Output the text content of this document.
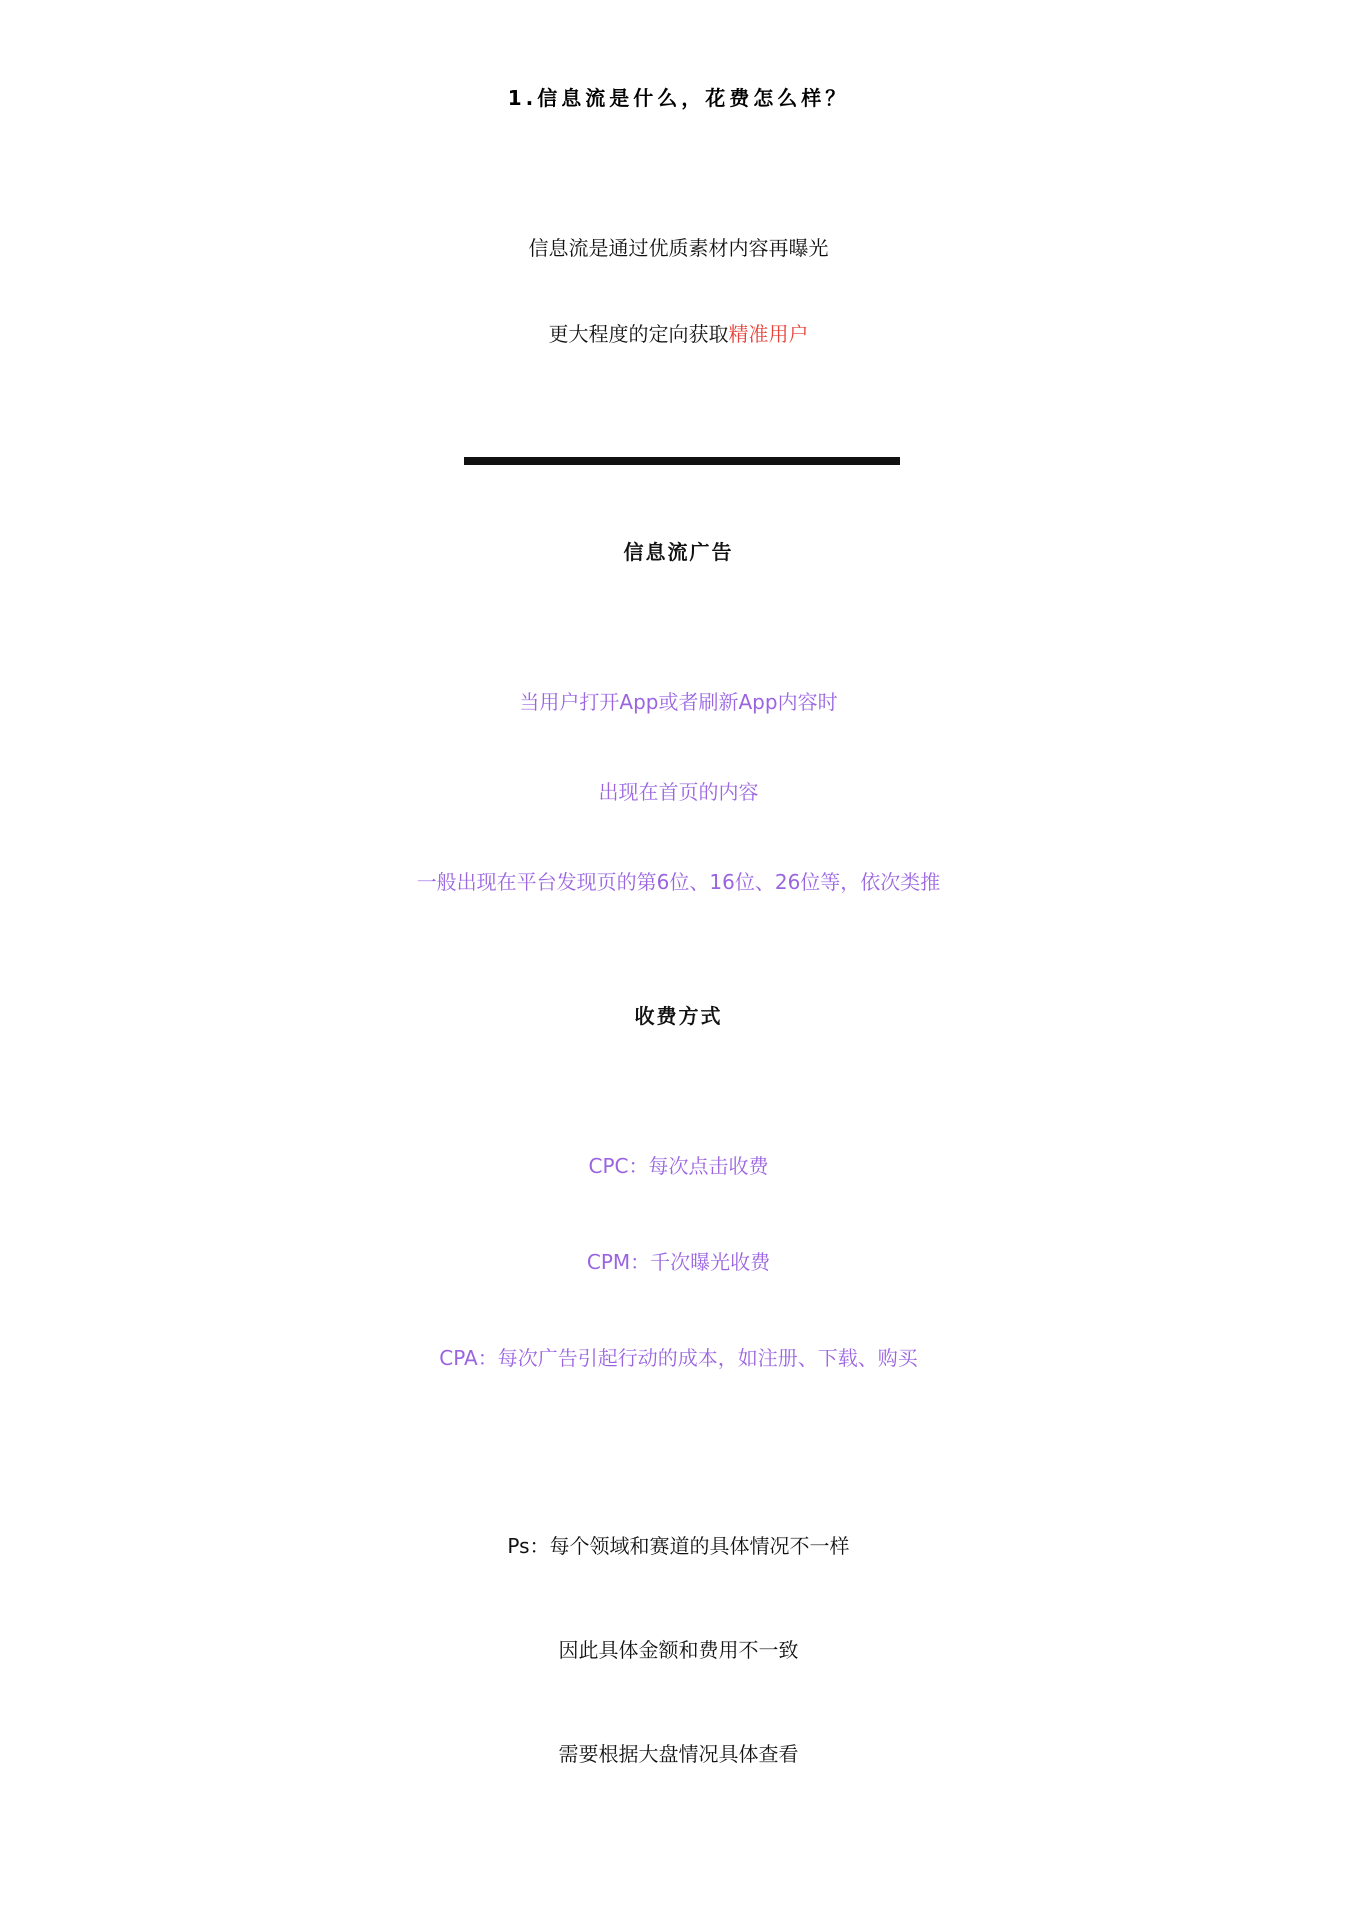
1.信息流是什么，花费怎么样？
信息流是通过优质素材内容再曝光
更大程度的定向获取精准用户
信息流广告
当用户打开App或者刷新App内容时
出现在首页的内容
一般出现在平台发现页的第6位、16位、26位等，依次类推
收费方式
CPC：每次点击收费
CPM：千次曝光收费
CPA：每次广告引起行动的成本，如注册、下载、购买
Ps：每个领域和赛道的具体情况不一样
因此具体金额和费用不一致
需要根据大盘情况具体查看
